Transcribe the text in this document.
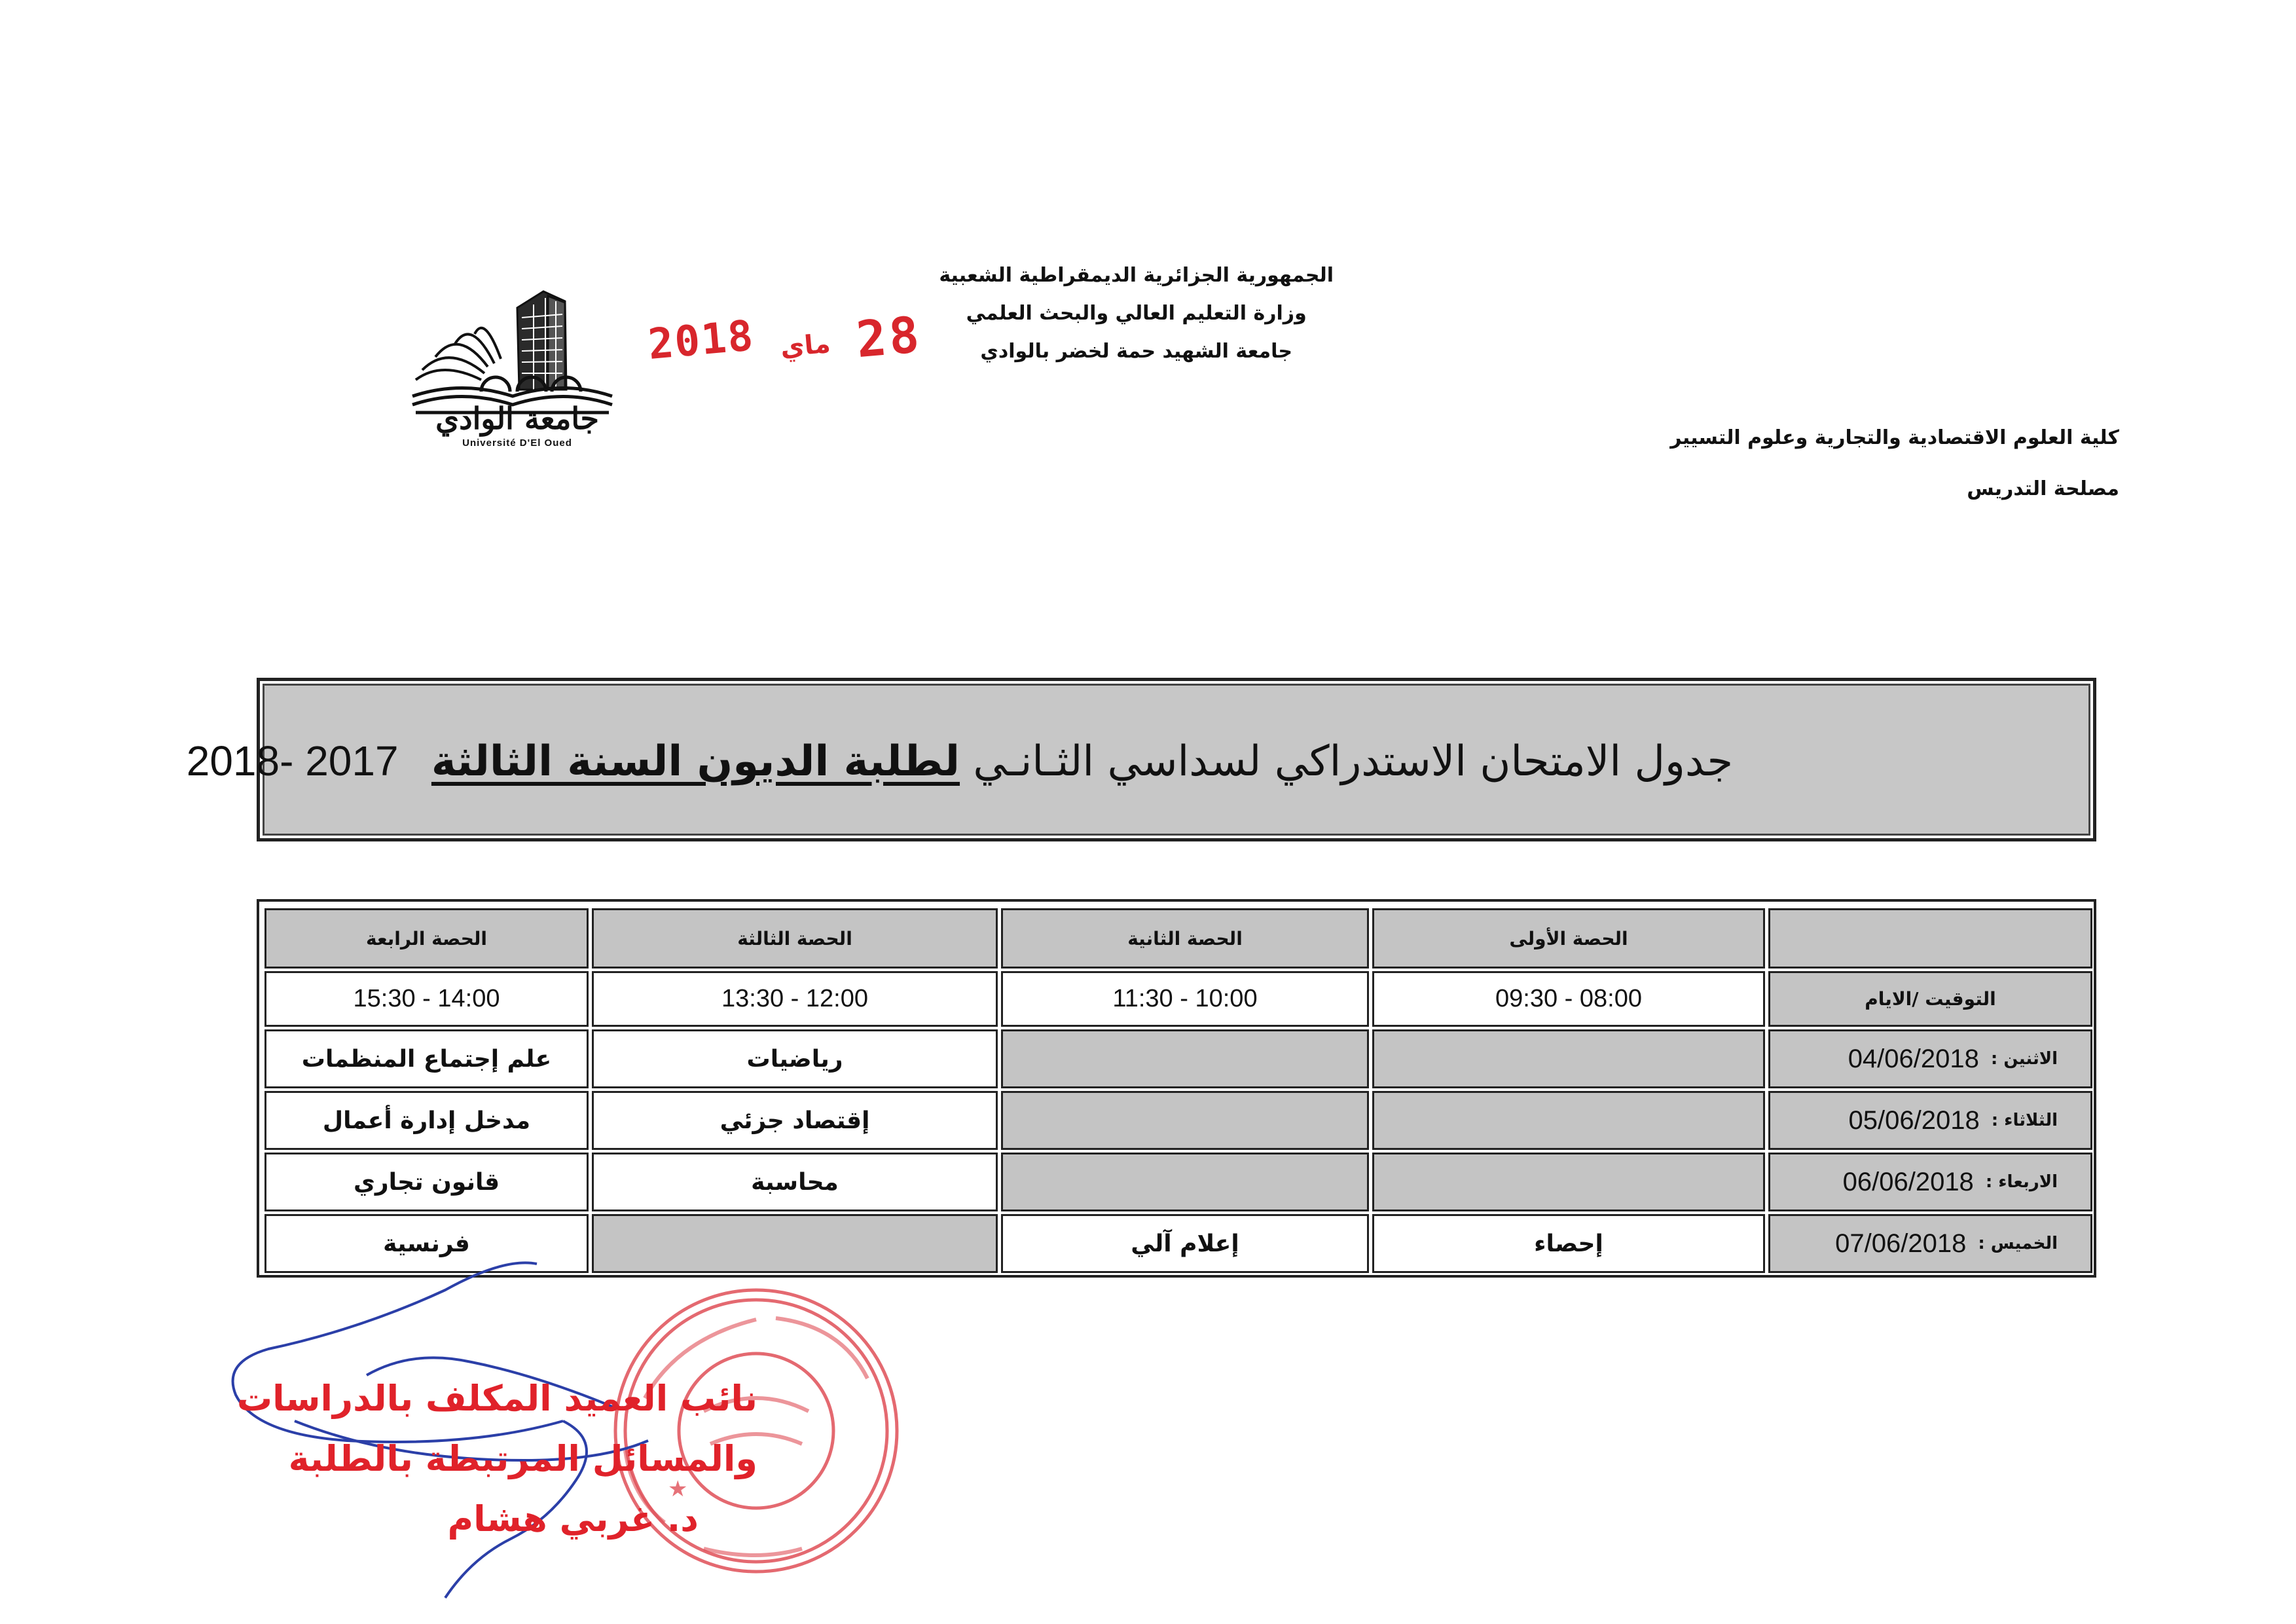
الجمهورية الجزائرية الديمقراطية الشعبية
وزارة التعليم العالي والبحث العلمي
جامعة الشهيد حمة لخضر بالوادي
كلية العلوم الاقتصادية والتجارية وعلوم التسيير
مصلحة التدريس
جامعة الوادي
Université D'El Oued
2018 ماي 28
جدول الامتحان الاستدراكي لسداسي الثـانـي لطلبة الديون السنة الثالثة 2017 -2018
الحصة الأولى
الحصة الثانية
الحصة الثالثة
الحصة الرابعة
التوقيت /الايام
08:00 - 09:30
10:00 - 11:30
12:00 - 13:30
14:00 - 15:30
الاثنين :
04/06/2018
رياضيات
علم إجتماع المنظمات
الثلاثاء :
05/06/2018
إقتصاد جزئي
مدخل إدارة أعمال
الاربعاء :
06/06/2018
محاسبة
قانون تجاري
الخميس :
07/06/2018
إحصاء
إعلام آلي
فرنسية
★
نائب العميد المكلف بالدراسات
والمسائل المرتبطة بالطلبة
د. غربي هشام
